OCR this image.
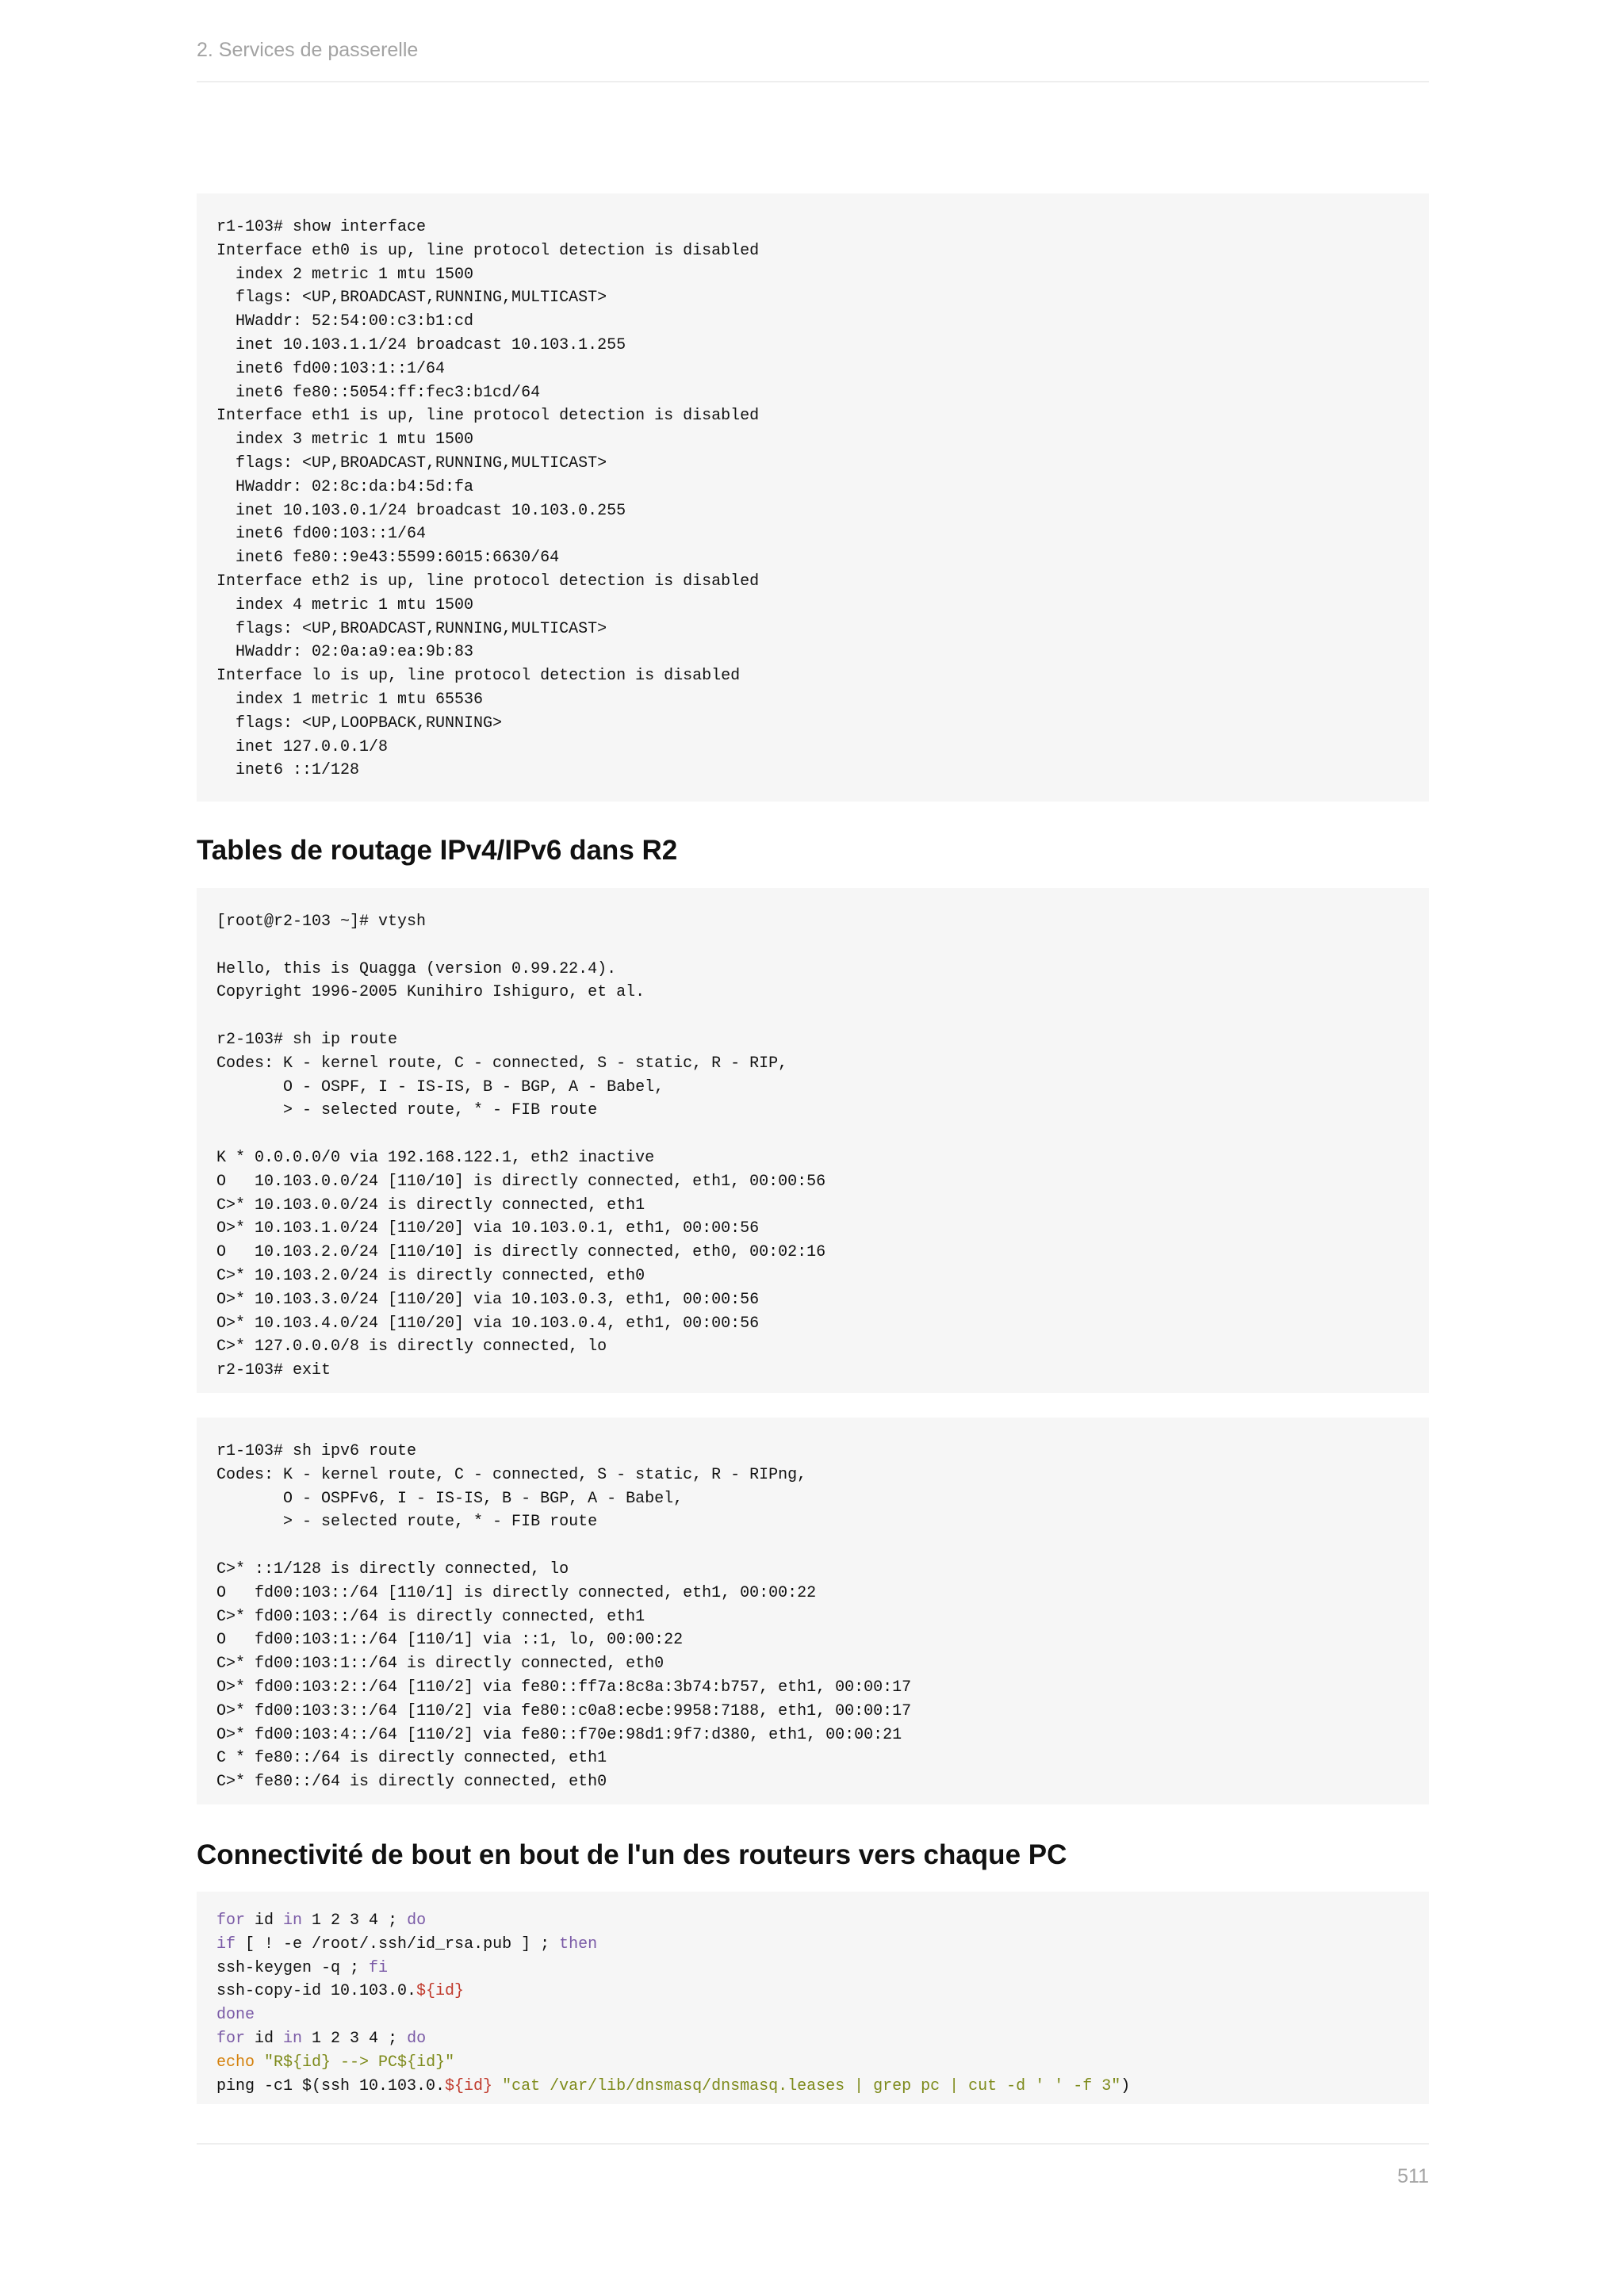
2. Services de passerelle

r1-103# show interface
Interface eth0 is up, line protocol detection is disabled
index 2 metric 1 mtu 1500
flags: <UP,BROADCAST,RUNNING,MULTICAST>
HWaddr: 52:54:00:c3:b1:cd
inet 10.103.1.1/24 broadcast 10.103.1.255
inet6 fd00:103:1::1/64
inet6 fe80::5054:ff:fec3:b1cd/64
Interface eth1 is up, line protocol detection is disabled
index 3 metric 1 mtu 1500
flags: <UP,BROADCAST,RUNNING,MULTICAST>
HWaddr: 02:8c:da:b4:5d:fa
inet 10.103.0.1/24 broadcast 10.103.0.255
inet6 fd00:103::1/64
inet6 fe80::9e43:5599:6015:6630/64
Interface eth2 is up, line protocol detection is disabled
index 4 metric 1 mtu 1500
flags: <UP,BROADCAST,RUNNING,MULTICAST>
HWaddr: 02:0a:a9:ea:9b:83
Interface lo is up, line protocol detection is disabled
index 1 metric 1 mtu 65536
flags: <UP,LOOPBACK,RUNNING>
inet 127.0.0.1/8
inet6 ::1/128
Tables de routage IPv4/IPv6 dans R2
[root@r2-103 ~]# vtysh
Hello, this is Quagga (version 0.99.22.4).
Copyright 1996-2005 Kunihiro Ishiguro, et al.
r2-103# sh ip route
Codes: K - kernel route, C - connected, S - static, R - RIP,
O - OSPF, I - IS-IS, B - BGP, A - Babel,
> - selected route, * - FIB route
K * 0.0.0.0/0 via 192.168.122.1, eth2 inactive
O   10.103.0.0/24 [110/10] is directly connected, eth1, 00:00:56
C>* 10.103.0.0/24 is directly connected, eth1
O>* 10.103.1.0/24 [110/20] via 10.103.0.1, eth1, 00:00:56
O   10.103.2.0/24 [110/10] is directly connected, eth0, 00:02:16
C>* 10.103.2.0/24 is directly connected, eth0
O>* 10.103.3.0/24 [110/20] via 10.103.0.3, eth1, 00:00:56
O>* 10.103.4.0/24 [110/20] via 10.103.0.4, eth1, 00:00:56
C>* 127.0.0.0/8 is directly connected, lo
r2-103# exit
r1-103# sh ipv6 route
Codes: K - kernel route, C - connected, S - static, R - RIPng,
O - OSPFv6, I - IS-IS, B - BGP, A - Babel,
> - selected route, * - FIB route
C>* ::1/128 is directly connected, lo
O   fd00:103::/64 [110/1] is directly connected, eth1, 00:00:22
C>* fd00:103::/64 is directly connected, eth1
O   fd00:103:1::/64 [110/1] via ::1, lo, 00:00:22
C>* fd00:103:1::/64 is directly connected, eth0
O>* fd00:103:2::/64 [110/2] via fe80::ff7a:8c8a:3b74:b757, eth1, 00:00:17
O>* fd00:103:3::/64 [110/2] via fe80::c0a8:ecbe:9958:7188, eth1, 00:00:17
O>* fd00:103:4::/64 [110/2] via fe80::f70e:98d1:9f7:d380, eth1, 00:00:21
C * fe80::/64 is directly connected, eth1
C>* fe80::/64 is directly connected, eth0
Connectivité de bout en bout de l'un des routeurs vers chaque PC
for id in 1 2 3 4 ; do
if [ ! -e /root/.ssh/id_rsa.pub ] ; then
ssh-keygen -q ; fi
ssh-copy-id 10.103.0.${id}
done
for id in 1 2 3 4 ; do
echo "R${id} --> PC${id}"
ping -c1 $(ssh 10.103.0.${id} "cat /var/lib/dnsmasq/dnsmasq.leases | grep pc | cut -d ' ' -f 3")

511
